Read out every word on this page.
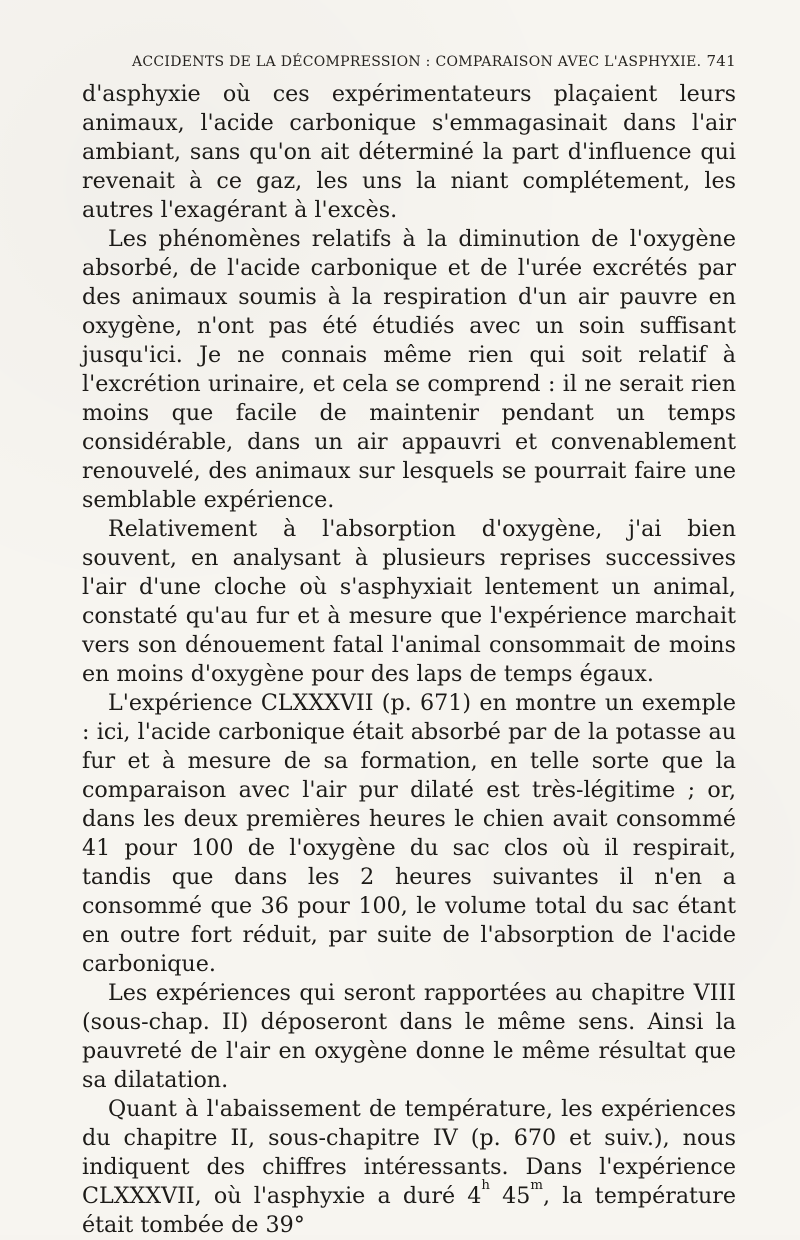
ACCIDENTS DE LA DÉCOMPRESSION : COMPARAISON AVEC L'ASPHYXIE. 741

d'asphyxie où ces expérimentateurs plaçaient leurs animaux, l'acide carbonique s'emmagasinait dans l'air ambiant, sans qu'on ait déterminé la part d'influence qui revenait à ce gaz, les uns la niant complétement, les autres l'exagérant à l'excès.

Les phénomènes relatifs à la diminution de l'oxygène absorbé, de l'acide carbonique et de l'urée excrétés par des animaux soumis à la respiration d'un air pauvre en oxygène, n'ont pas été étudiés avec un soin suffisant jusqu'ici. Je ne connais même rien qui soit relatif à l'excrétion urinaire, et cela se comprend : il ne serait rien moins que facile de maintenir pendant un temps considérable, dans un air appauvri et convenablement renouvelé, des animaux sur lesquels se pourrait faire une semblable expérience.

Relativement à l'absorption d'oxygène, j'ai bien souvent, en analysant à plusieurs reprises successives l'air d'une cloche où s'asphyxiait lentement un animal, constaté qu'au fur et à mesure que l'expérience marchait vers son dénouement fatal l'animal consommait de moins en moins d'oxygène pour des laps de temps égaux.

L'expérience CLXXXVII (p. 671) en montre un exemple : ici, l'acide carbonique était absorbé par de la potasse au fur et à mesure de sa formation, en telle sorte que la comparaison avec l'air pur dilaté est très-légitime ; or, dans les deux premières heures le chien avait consommé 41 pour 100 de l'oxygène du sac clos où il respirait, tandis que dans les 2 heures suivantes il n'en a consommé que 36 pour 100, le volume total du sac étant en outre fort réduit, par suite de l'absorption de l'acide carbonique.

Les expériences qui seront rapportées au chapitre VIII (sous-chap. II) déposeront dans le même sens. Ainsi la pauvreté de l'air en oxygène donne le même résultat que sa dilatation.

Quant à l'abaissement de température, les expériences du chapitre II, sous-chapitre IV (p. 670 et suiv.), nous indiquent des chiffres intéressants. Dans l'expérience CLXXXVII, où l'asphyxie a duré 4$^h$ 45$^m$, la température était tombée de 39°
